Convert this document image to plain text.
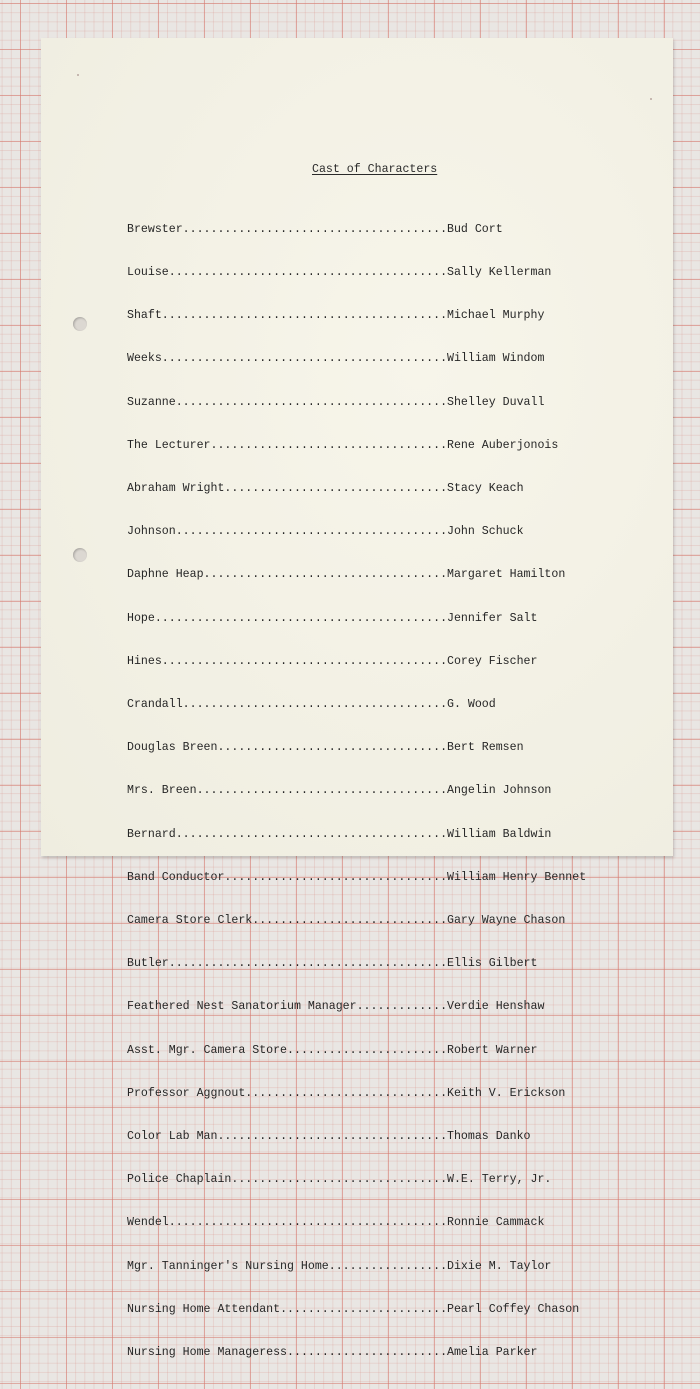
Cast of Characters

Brewster .....	Bud Cort

Louise .....	Sally Kellerman

Shaft .....	Michael Murphy

Weeks .....	William Windom

Suzanne .....	Shelley Duvall

The Lecturer .....	Rene Auberjonois

Abraham Wright .....	Stacy Keach

Johnson .....	John Schuck

Daphne Heap .....	Margaret Hamilton

Hope .....	Jennifer Salt

Hines .....	Corey Fischer

Crandall .....	G. Wood

Douglas Breen .....	Bert Remsen

Mrs. Breen .....	Angelin Johnson

Bernard .....	William Baldwin

Band Conductor .....	William Henry Bennet

Camera Store Clerk .....	Gary Wayne Chason

Butler .....	Ellis Gilbert

Feathered Nest Sanatorium Manager .....	Verdie Henshaw

Asst. Mgr. Camera Store .....	Robert Warner

Professor Aggnout .....	Keith V. Erickson

Color Lab Man .....	Thomas Danko

Police Chaplain .....	W.E. Terry, Jr.

Wendel .....	Ronnie Cammack

Mgr. Tanninger's Nursing Home .....	Dixie M. Taylor

Nursing Home Attendant .....	Pearl Coffey Chason

Nursing Home Manageress .....	Amelia Parker
